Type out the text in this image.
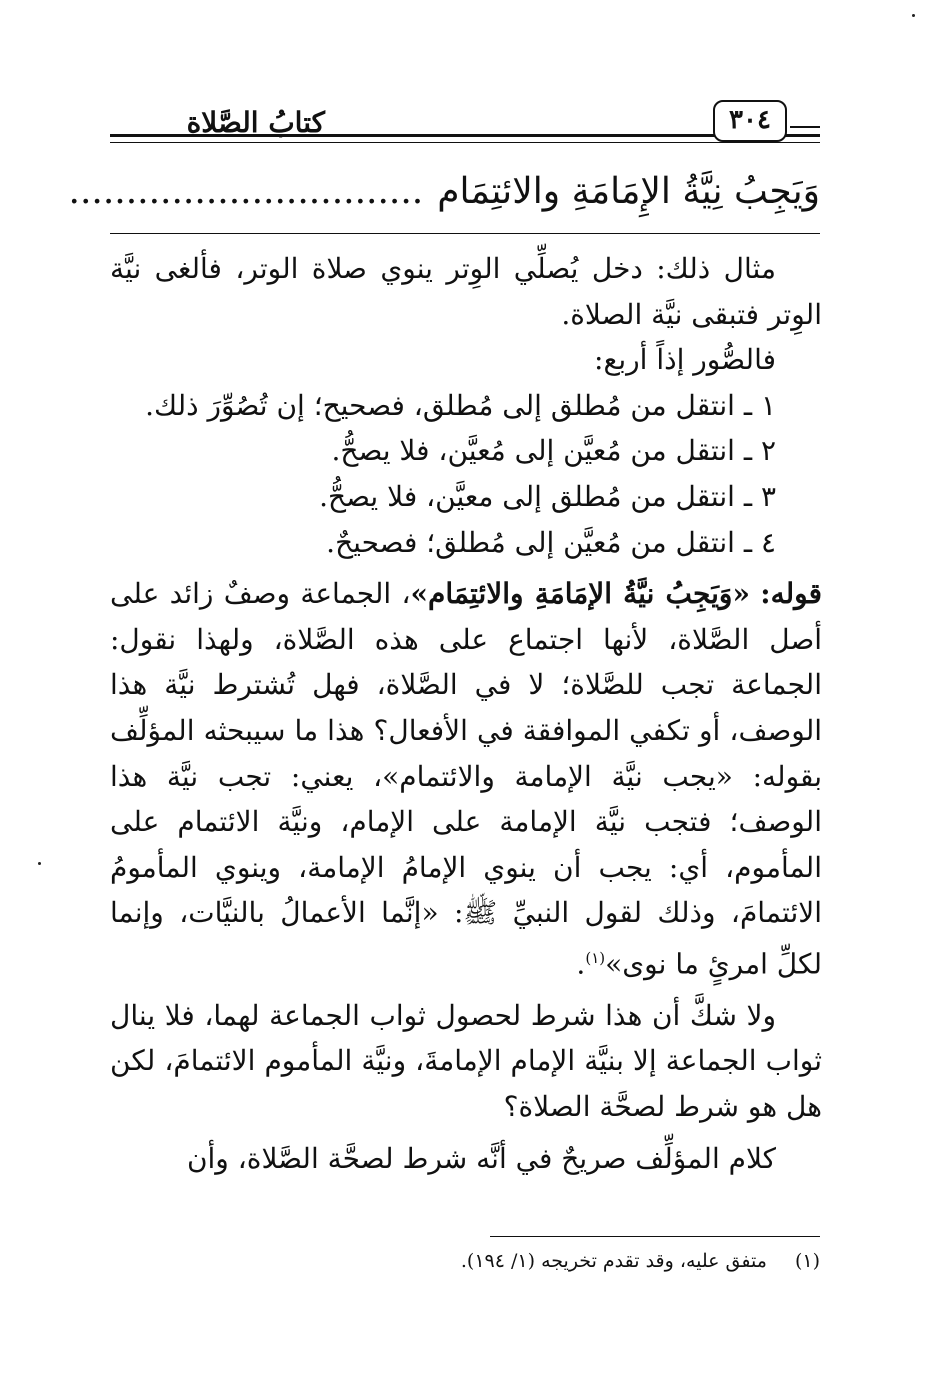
كتابُ الصَّلاة	٣٠٤
وَيَجِبُ نِيَّةُ الإِمَامَةِ والائتِمَام...............................

مثال ذلك: دخل يُصلِّي الوِتر ينوي صلاة الوتر، فألغى نيَّة الوِتر فتبقى نيَّة الصلاة.

فالصُّور إذاً أربع:

١ ـ انتقل من مُطلق إلى مُطلق، فصحيح؛ إن تُصُوِّرَ ذلك.

٢ ـ انتقل من مُعيَّن إلى مُعيَّن، فلا يصحُّ.

٣ ـ انتقل من مُطلق إلى معيَّن، فلا يصحُّ.

٤ ـ انتقل من مُعيَّن إلى مُطلق؛ فصحيحٌ.

قوله: «وَيَجِبُ نيَّةُ الإمَامَةِ والائتِمَام»، الجماعة وصفٌ زائد على أصل الصَّلاة، لأنها اجتماع على هذه الصَّلاة، ولهذا نقول: الجماعة تجب للصَّلاة؛ لا في الصَّلاة، فهل تُشترط نيَّة هذا الوصف، أو تكفي الموافقة في الأفعال؟ هذا ما سيبحثه المؤلِّف بقوله: «يجب نيَّة الإمامة والائتمام»، يعني: تجب نيَّة هذا الوصف؛ فتجب نيَّة الإمامة على الإمام، ونيَّة الائتمام على المأموم، أي: يجب أن ينوي الإمامُ الإمامة، وينوي المأمومُ الائتمامَ، وذلك لقول النبيِّ ﷺ: «إنَّما الأعمالُ بالنيَّات، وإنما لكلِّ امرئٍ ما نوى»$^{(١)}$.

ولا شكَّ أن هذا شرط لحصول ثواب الجماعة لهما، فلا ينال ثواب الجماعة إلا بنيَّة الإمام الإمامةَ، ونيَّة المأموم الائتمامَ، لكن هل هو شرط لصحَّة الصلاة؟

كلام المؤلِّف صريحٌ في أنَّه شرط لصحَّة الصَّلاة، وأن

(١)متفق عليه، وقد تقدم تخريجه (١/ ١٩٤).
